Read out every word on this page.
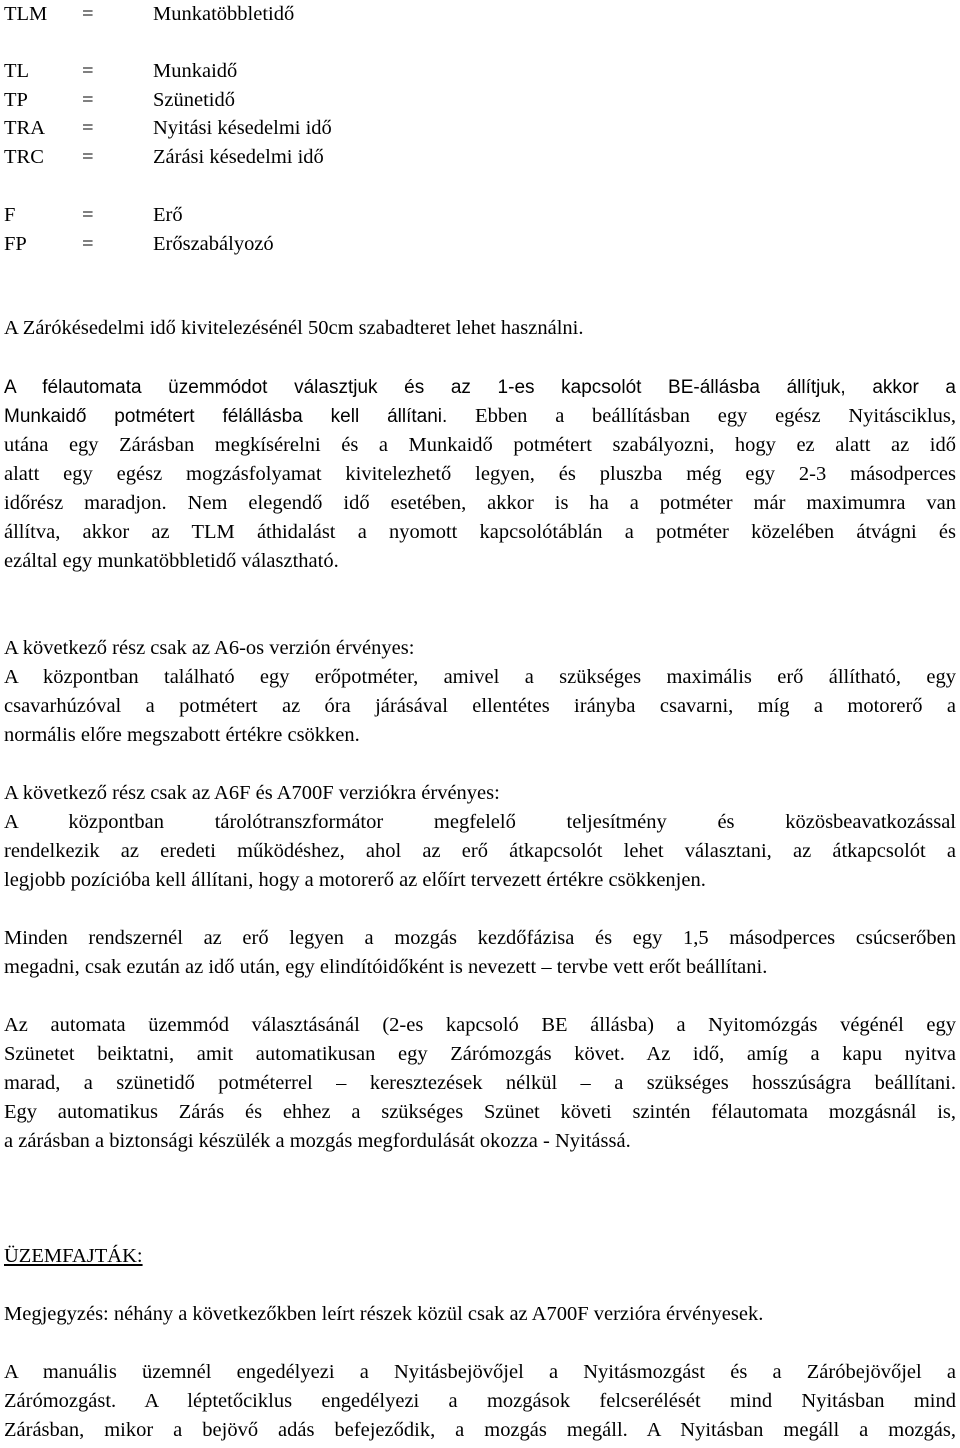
TLM =	Munkatöbbletidő
TL	=	Munkaidő
TP	=	Szünetidő
TRA =	Nyitási késedelmi idő
TRC =	Zárási késedelmi idő
F	=	Erő
FP	=	Erőszabályozó
A Zárókésedelmi idő kivitelezésénél 50cm szabadteret lehet használni.
A félautomata üzemmódot választjuk és az 1-es kapcsolót BE-állásba állítjuk, akkor a
Munkaidő potmétert félállásba kell állítani. Ebben a beállításban egy egész Nyitásciklus,
utána egy Zárásban megkísérelni és a Munkaidő potmétert szabályozni, hogy ez alatt az idő
alatt egy egész mogzásfolyamat kivitelezhető legyen, és pluszba még egy 2-3 másodperces
időrész maradjon. Nem elegendő idő esetében, akkor is ha a potméter már maximumra van
állítva, akkor az TLM áthidalást a nyomott kapcsolótáblán a potméter közelében átvágni és
ezáltal egy munkatöbbletidő választható.
A következő rész csak az A6-os verzión érvényes:
A központban található egy erőpotméter, amivel a szükséges maximális erő állítható, egy
csavarhúzóval a potmétert az óra járásával ellentétes irányba csavarni, míg a motorerő a
normális előre megszabott értékre csökken.
A következő rész csak az A6F és A700F verziókra érvényes:
A központban tárolótranszformátor megfelelő teljesítmény és közösbeavatkozással
rendelkezik az eredeti működéshez, ahol az erő átkapcsolót lehet választani, az átkapcsolót a
legjobb pozícióba kell állítani, hogy a motorerő az előírt tervezett értékre csökkenjen.
Minden rendszernél az erő legyen a mozgás kezdőfázisa és egy 1,5 másodperces csúcserőben
megadni, csak ezután az idő után, egy elindítóidőként is nevezett – tervbe vett erőt beállítani.
Az automata üzemmód választásánál (2-es kapcsoló BE állásba) a Nyitomózgás végénél egy
Szünetet beiktatni, amit automatikusan egy Zárómozgás követ. Az idő, amíg a kapu nyitva
marad, a szünetidő potméterrel – keresztezések nélkül – a szükséges hosszúságra beállítani.
Egy automatikus Zárás és ehhez a szükséges Szünet követi szintén félautomata mozgásnál is,
a zárásban a biztonsági készülék a mozgás megfordulását okozza - Nyitássá.
ÜZEMFAJTÁK:
Megjegyzés: néhány a következőkben leírt részek közül csak az A700F verzióra érvényesek.
A manuális üzemnél engedélyezi a Nyitásbejövőjel a Nyitásmozgást és a Záróbejövőjel a
Zárómozgást. A léptetőciklus engedélyezi a mozgások felcserélését mind Nyitásban mind
Zárásban, mikor a bejövő adás befejeződik, a mozgás megáll. A Nyitásban megáll a mozgás,
